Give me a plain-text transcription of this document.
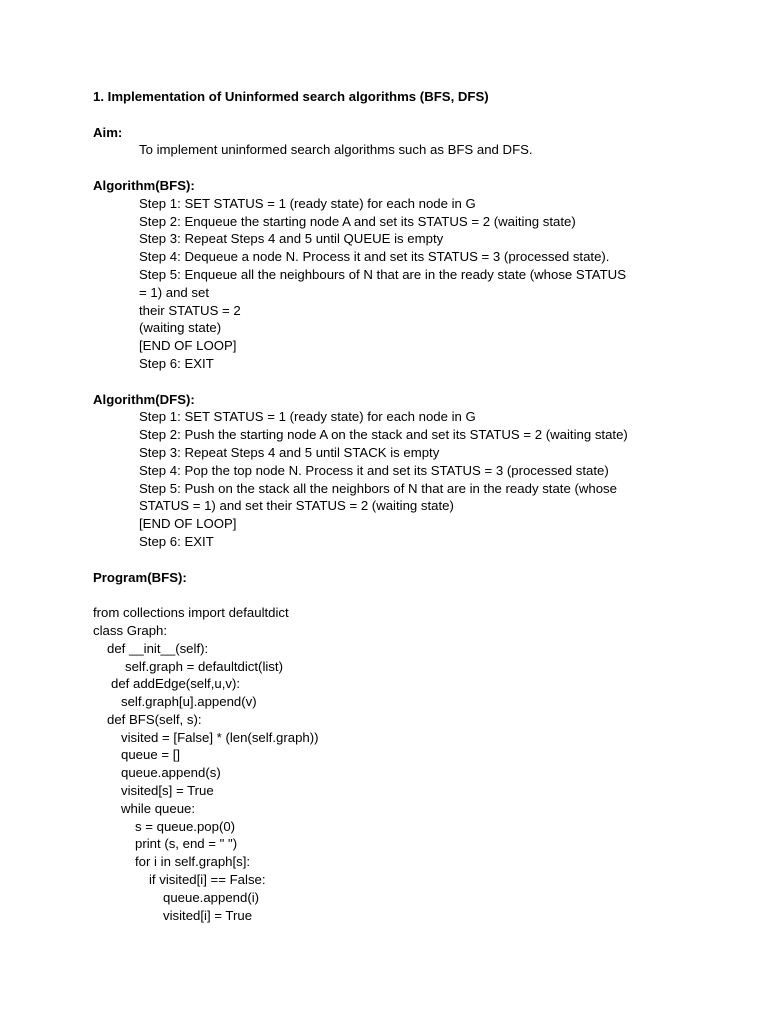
1. Implementation of Uninformed search algorithms (BFS, DFS)
Aim:
To implement uninformed search algorithms such as BFS and DFS.
Algorithm(BFS):
Step 1: SET STATUS = 1 (ready state) for each node in G
Step 2: Enqueue the starting node A and set its STATUS = 2 (waiting state)
Step 3: Repeat Steps 4 and 5 until QUEUE is empty
Step 4: Dequeue a node N. Process it and set its STATUS = 3 (processed state).
Step 5: Enqueue all the neighbours of N that are in the ready state (whose STATUS
= 1) and set
their STATUS = 2
(waiting state)
[END OF LOOP]
Step 6: EXIT
Algorithm(DFS):
Step 1: SET STATUS = 1 (ready state) for each node in G
Step 2: Push the starting node A on the stack and set its STATUS = 2 (waiting state)
Step 3: Repeat Steps 4 and 5 until STACK is empty
Step 4: Pop the top node N. Process it and set its STATUS = 3 (processed state)
Step 5: Push on the stack all the neighbors of N that are in the ready state (whose
STATUS = 1) and set their STATUS = 2 (waiting state)
[END OF LOOP]
Step 6: EXIT
Program(BFS):
from collections import defaultdict
class Graph:
def __init__(self):
self.graph = defaultdict(list)
def addEdge(self,u,v):
self.graph[u].append(v)
def BFS(self, s):
visited = [False] * (len(self.graph))
queue = []
queue.append(s)
visited[s] = True
while queue:
s = queue.pop(0)
print (s, end = " ")
for i in self.graph[s]:
if visited[i] == False:
queue.append(i)
visited[i] = True
